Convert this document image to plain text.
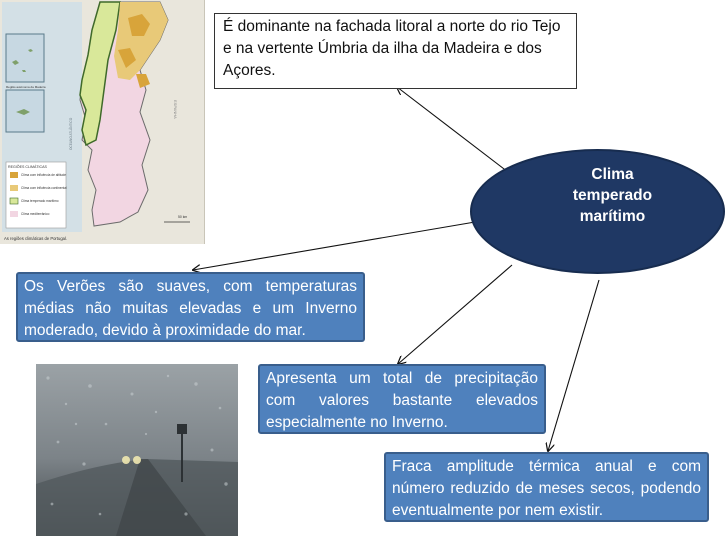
REGIÕES CLIMÁTICAS
Clima com influência de altitude
Clima com influência continental
Clima temperado marítimo
Clima mediterrânico
As regiões climáticas de Portugal.
Região autónoma da Madeira
OCEANO ATLÂNTICO
ESPANHA
50 km
É dominante na fachada litoral a norte do rio Tejo e na vertente Úmbria da ilha da Madeira e dos Açores.
Clima temperado marítimo
Os Verões são suaves, com temperaturas médias não muitas elevadas e um Inverno moderado, devido à proximidade do mar.
Apresenta um total de precipitação com valores bastante elevados especialmente no Inverno.
Fraca amplitude térmica anual e com número reduzido de meses secos, podendo eventualmente por nem existir.
